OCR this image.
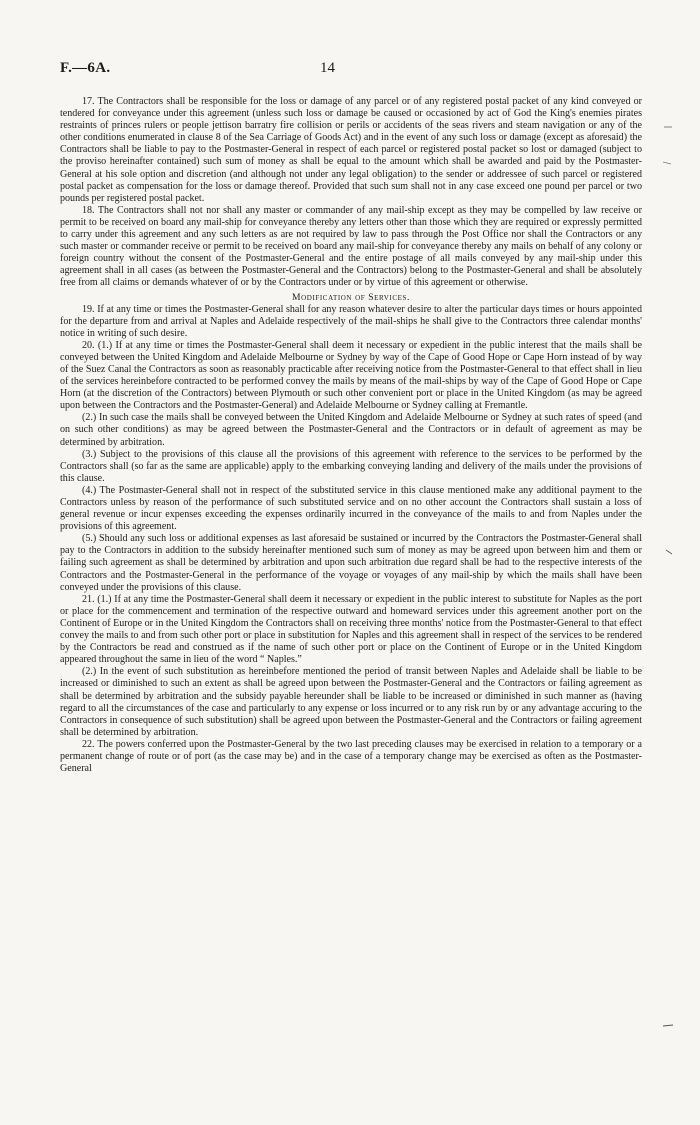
F.—6A.	14

17. The Contractors shall be responsible for the loss or damage of any parcel or of any registered postal packet of any kind conveyed or tendered for conveyance under this agreement (unless such loss or damage be caused or occasioned by act of God the King's enemies pirates restraints of princes rulers or people jettison barratry fire collision or perils or accidents of the seas rivers and steam navigation or any of the other conditions enumerated in clause 8 of the Sea Carriage of Goods Act) and in the event of any such loss or damage (except as aforesaid) the Contractors shall be liable to pay to the Postmaster-General in respect of each parcel or registered postal packet so lost or damaged (subject to the proviso hereinafter contained) such sum of money as shall be equal to the amount which shall be awarded and paid by the Postmaster-General at his sole option and discretion (and although not under any legal obligation) to the sender or addressee of such parcel or registered postal packet as compensation for the loss or damage thereof. Provided that such sum shall not in any case exceed one pound per parcel or two pounds per registered postal packet.

18. The Contractors shall not nor shall any master or commander of any mail-ship except as they may be compelled by law receive or permit to be received on board any mail-ship for conveyance thereby any letters other than those which they are required or expressly permitted to carry under this agreement and any such letters as are not required by law to pass through the Post Office nor shall the Contractors or any such master or commander receive or permit to be received on board any mail-ship for conveyance thereby any mails on behalf of any colony or foreign country without the consent of the Postmaster-General and the entire postage of all mails conveyed by any mail-ship under this agreement shall in all cases (as between the Postmaster-General and the Contractors) belong to the Postmaster-General and shall be absolutely free from all claims or demands whatever of or by the Contractors under or by virtue of this agreement or otherwise.

Modification of Services.

19. If at any time or times the Postmaster-General shall for any reason whatever desire to alter the particular days times or hours appointed for the departure from and arrival at Naples and Adelaide respectively of the mail-ships he shall give to the Contractors three calendar months' notice in writing of such desire.

20. (1.) If at any time or times the Postmaster-General shall deem it necessary or expedient in the public interest that the mails shall be conveyed between the United Kingdom and Adelaide Melbourne or Sydney by way of the Cape of Good Hope or Cape Horn instead of by way of the Suez Canal the Contractors as soon as reasonably practicable after receiving notice from the Postmaster-General to that effect shall in lieu of the services hereinbefore contracted to be performed convey the mails by means of the mail-ships by way of the Cape of Good Hope or Cape Horn (at the discretion of the Contractors) between Plymouth or such other convenient port or place in the United Kingdom (as may be agreed upon between the Contractors and the Postmaster-General) and Adelaide Melbourne or Sydney calling at Fremantle.

(2.) In such case the mails shall be conveyed between the United Kingdom and Adelaide Melbourne or Sydney at such rates of speed (and on such other conditions) as may be agreed between the Postmaster-General and the Contractors or in default of agreement as may be determined by arbitration.

(3.) Subject to the provisions of this clause all the provisions of this agreement with reference to the services to be performed by the Contractors shall (so far as the same are applicable) apply to the embarking conveying landing and delivery of the mails under the provisions of this clause.

(4.) The Postmaster-General shall not in respect of the substituted service in this clause mentioned make any additional payment to the Contractors unless by reason of the performance of such substituted service and on no other account the Contractors shall sustain a loss of general revenue or incur expenses exceeding the expenses ordinarily incurred in the conveyance of the mails to and from Naples under the provisions of this agreement.

(5.) Should any such loss or additional expenses as last aforesaid be sustained or incurred by the Contractors the Postmaster-General shall pay to the Contractors in addition to the subsidy hereinafter mentioned such sum of money as may be agreed upon between him and them or failing such agreement as shall be determined by arbitration and upon such arbitration due regard shall be had to the respective interests of the Contractors and the Postmaster-General in the performance of the voyage or voyages of any mail-ship by which the mails shall have been conveyed under the provisions of this clause.

21. (1.) If at any time the Postmaster-General shall deem it necessary or expedient in the public interest to substitute for Naples as the port or place for the commencement and termination of the respective outward and homeward services under this agreement another port on the Continent of Europe or in the United Kingdom the Contractors shall on receiving three months' notice from the Postmaster-General to that effect convey the mails to and from such other port or place in substitution for Naples and this agreement shall in respect of the services to be rendered by the Contractors be read and construed as if the name of such other port or place on the Continent of Europe or in the United Kingdom appeared throughout the same in lieu of the word “ Naples.”

(2.) In the event of such substitution as hereinbefore mentioned the period of transit between Naples and Adelaide shall be liable to be increased or diminished to such an extent as shall be agreed upon between the Postmaster-General and the Contractors or failing agreement as shall be determined by arbitration and the subsidy payable hereunder shall be liable to be increased or diminished in such manner as (having regard to all the circumstances of the case and particularly to any expense or loss incurred or to any risk run by or any advantage accuring to the Contractors in consequence of such substitution) shall be agreed upon between the Postmaster-General and the Contractors or failing agreement shall be determined by arbitration.

22. The powers conferred upon the Postmaster-General by the two last preceding clauses may be exercised in relation to a temporary or a permanent change of route or of port (as the case may be) and in the case of a temporary change may be exercised as often as the Postmaster-General
